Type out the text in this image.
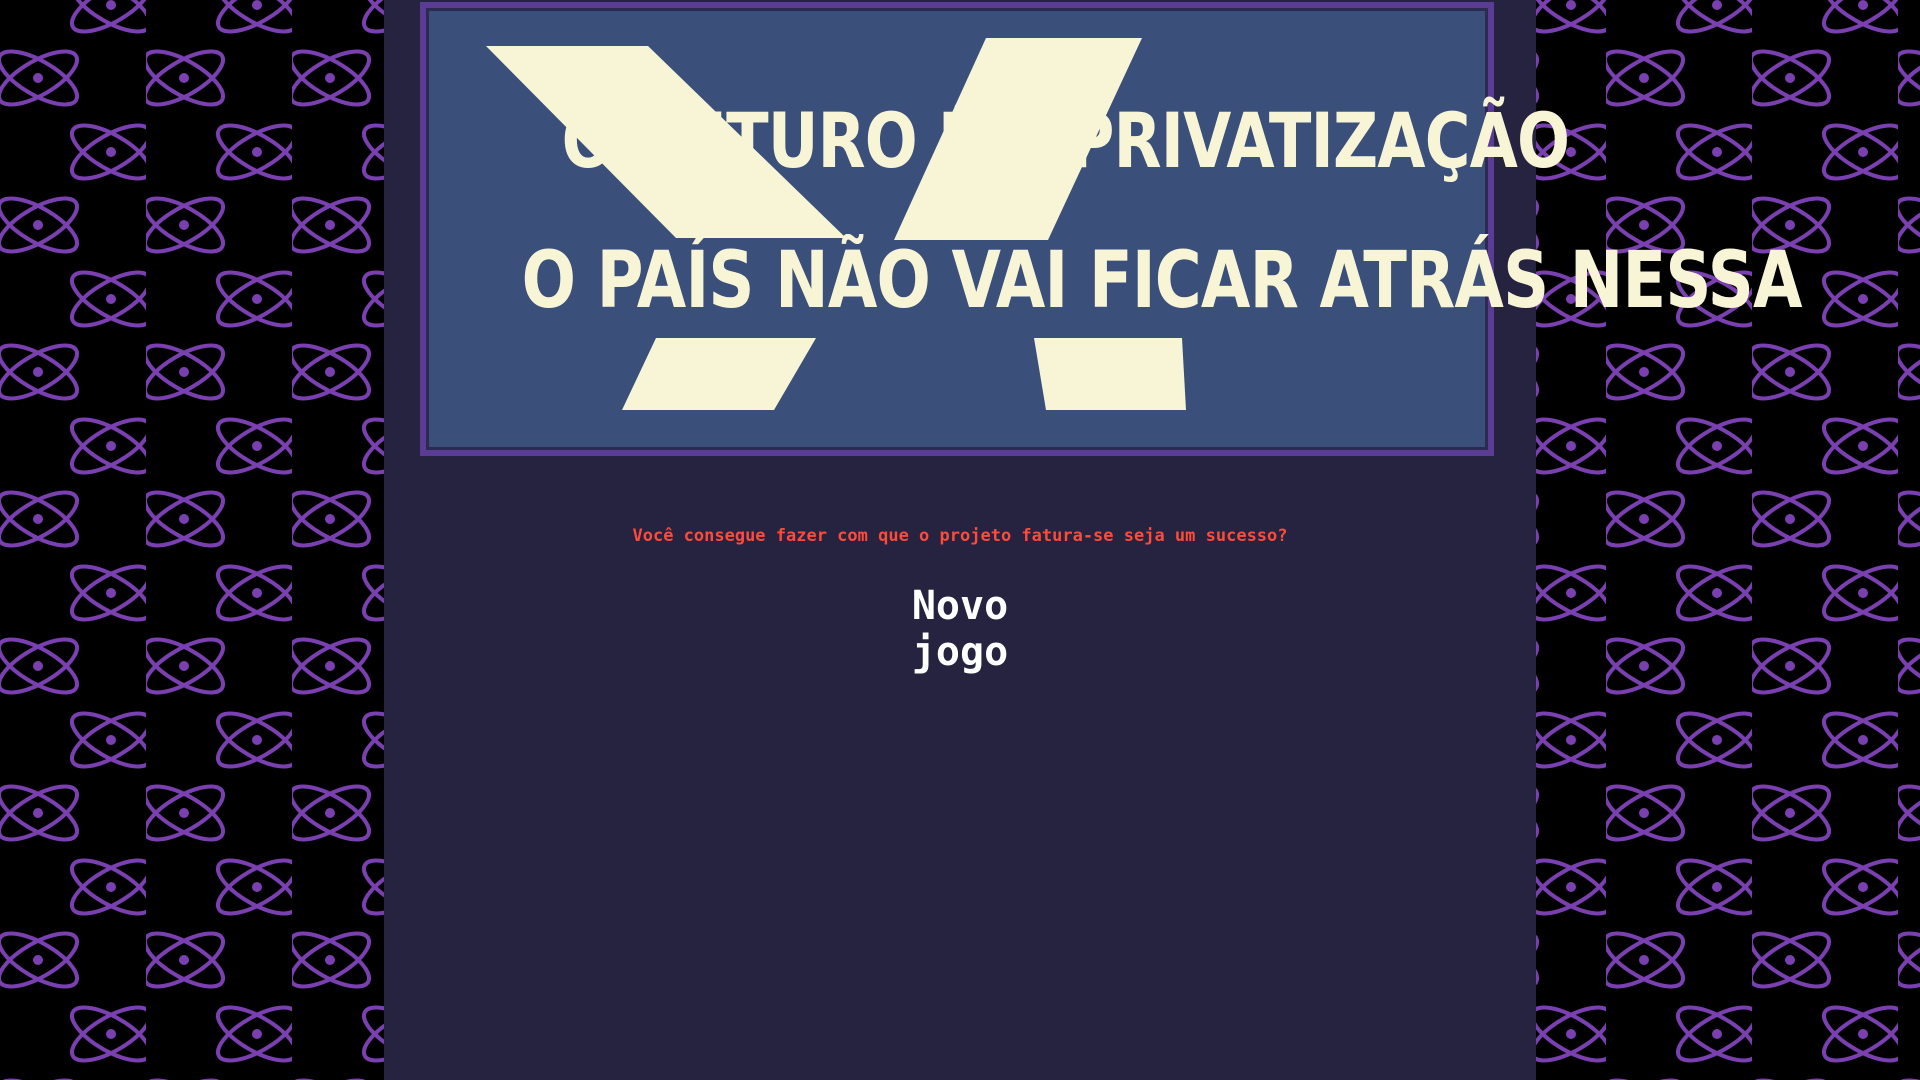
O FUTURO É A PRIVATIZAÇÃO
O PAÍS NÃO VAI FICAR ATRÁS NESSA
Você consegue fazer com que o projeto fatura-se seja um sucesso?
Novo jogo
